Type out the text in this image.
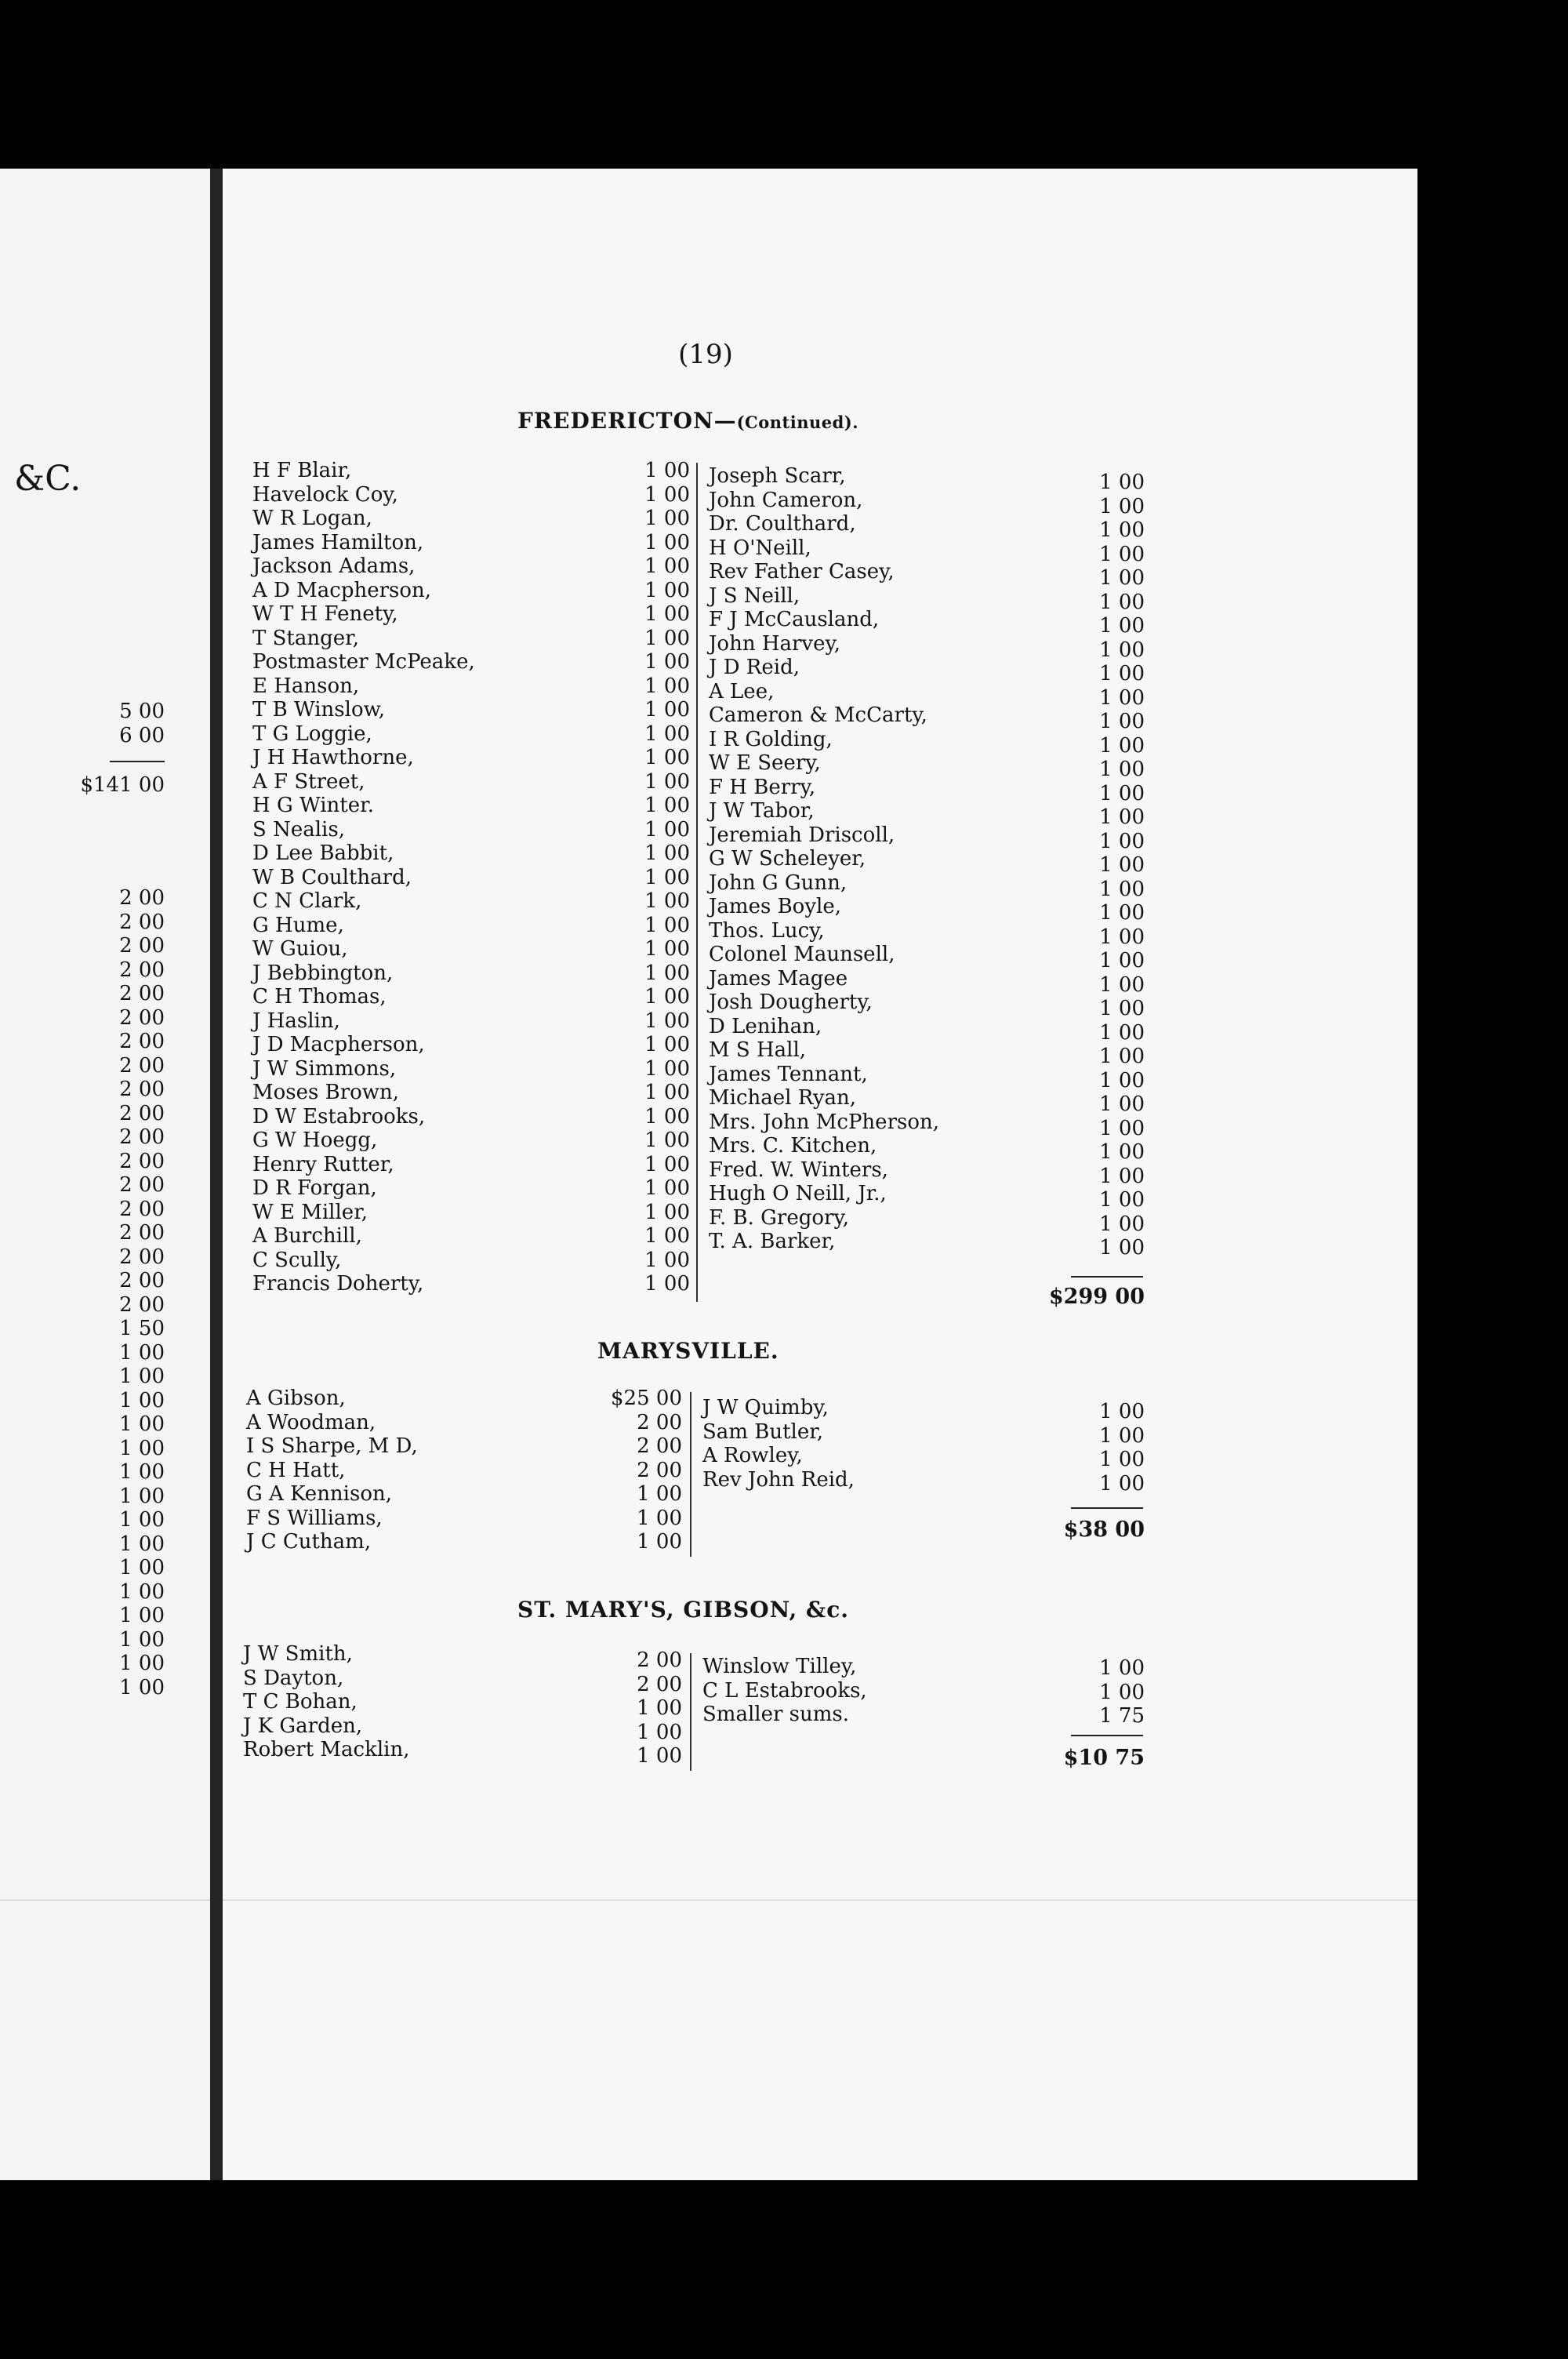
&C.
5 00
6 00
$141 00
2 00
2 00
2 00
2 00
2 00
2 00
2 00
2 00
2 00
2 00
2 00
2 00
2 00
2 00
2 00
2 00
2 00
2 00
1 50
1 00
1 00
1 00
1 00
1 00
1 00
1 00
1 00
1 00
1 00
1 00
1 00
1 00
1 00
1 00
(19)
FREDERICTON—(Continued).
H F Blair,
Havelock Coy,
W R Logan,
James Hamilton,
Jackson Adams,
A D Macpherson,
W T H Fenety,
T Stanger,
Postmaster McPeake,
E Hanson,
T B Winslow,
T G Loggie,
J H Hawthorne,
A F Street,
H G Winter.
S Nealis,
D Lee Babbit,
W B Coulthard,
C N Clark,
G Hume,
W Guiou,
J Bebbington,
C H Thomas,
J Haslin,
J D Macpherson,
J W Simmons,
Moses Brown,
D W Estabrooks,
G W Hoegg,
Henry Rutter,
D R Forgan,
W E Miller,
A Burchill,
C Scully,
Francis Doherty,
1 00
1 00
1 00
1 00
1 00
1 00
1 00
1 00
1 00
1 00
1 00
1 00
1 00
1 00
1 00
1 00
1 00
1 00
1 00
1 00
1 00
1 00
1 00
1 00
1 00
1 00
1 00
1 00
1 00
1 00
1 00
1 00
1 00
1 00
1 00
Joseph Scarr,
John Cameron,
Dr. Coulthard,
H O'Neill,
Rev Father Casey,
J S Neill,
F J McCausland,
John Harvey,
J D Reid,
A Lee,
Cameron & McCarty,
I R Golding,
W E Seery,
F H Berry,
J W Tabor,
Jeremiah Driscoll,
G W Scheleyer,
John G Gunn,
James Boyle,
Thos. Lucy,
Colonel Maunsell,
James Magee
Josh Dougherty,
D Lenihan,
M S Hall,
James Tennant,
Michael Ryan,
Mrs. John McPherson,
Mrs. C. Kitchen,
Fred. W. Winters,
Hugh O Neill, Jr.,
F. B. Gregory,
T. A. Barker,
1 00
1 00
1 00
1 00
1 00
1 00
1 00
1 00
1 00
1 00
1 00
1 00
1 00
1 00
1 00
1 00
1 00
1 00
1 00
1 00
1 00
1 00
1 00
1 00
1 00
1 00
1 00
1 00
1 00
1 00
1 00
1 00
1 00
$299 00
MARYSVILLE.
A Gibson,
A Woodman,
I S Sharpe, M D,
C H Hatt,
G A Kennison,
F S Williams,
J C Cutham,
$25 00
2 00
2 00
2 00
1 00
1 00
1 00
J W Quimby,
Sam Butler,
A Rowley,
Rev John Reid,
1 00
1 00
1 00
1 00
$38 00
ST. MARY'S, GIBSON, &c.
J W Smith,
S Dayton,
T C Bohan,
J K Garden,
Robert Macklin,
2 00
2 00
1 00
1 00
1 00
Winslow Tilley,
C L Estabrooks,
Smaller sums.
1 00
1 00
1 75
$10 75
